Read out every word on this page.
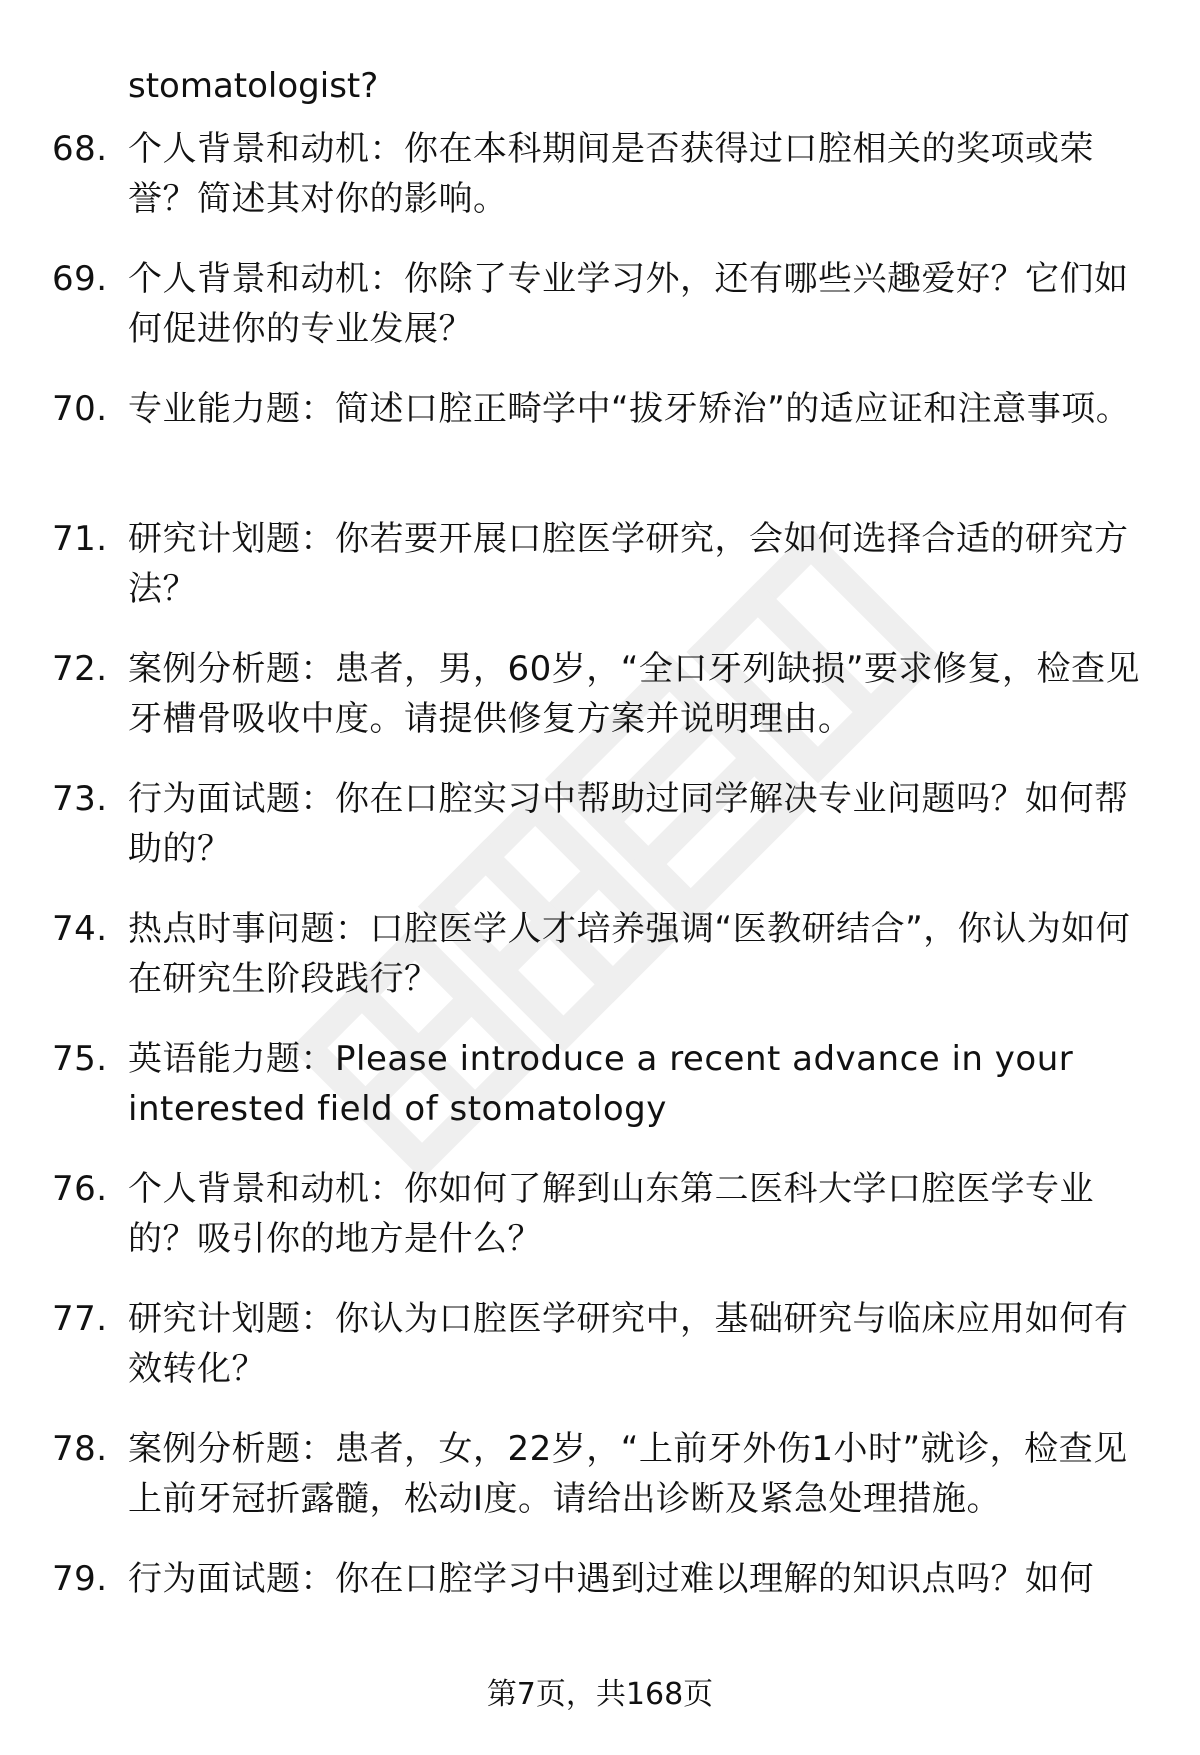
stomatologist?
68. 个人背景和动机：你在本科期间是否获得过口腔相关的奖项或荣誉？简述其对你的影响。
69. 个人背景和动机：你除了专业学习外，还有哪些兴趣爱好？它们如何促进你的专业发展？
70. 专业能力题：简述口腔正畸学中“拔牙矫治”的适应证和注意事项。
71. 研究计划题：你若要开展口腔医学研究，会如何选择合适的研究方法？
72. 案例分析题：患者，男，60岁，“全口牙列缺损”要求修复，检查见牙槽骨吸收中度。请提供修复方案并说明理由。
73. 行为面试题：你在口腔实习中帮助过同学解决专业问题吗？如何帮助的？
74. 热点时事问题：口腔医学人才培养强调“医教研结合”，你认为如何在研究生阶段践行？
75. 英语能力题：Please introduce a recent advance in your interested field of stomatology
76. 个人背景和动机：你如何了解到山东第二医科大学口腔医学专业的？吸引你的地方是什么？
77. 研究计划题：你认为口腔医学研究中，基础研究与临床应用如何有效转化？
78. 案例分析题：患者，女，22岁，“上前牙外伤1小时”就诊，检查见上前牙冠折露髓，松动Ⅰ度。请给出诊断及紧急处理措施。
79. 行为面试题：你在口腔学习中遇到过难以理解的知识点吗？如何
第7页，共168页
